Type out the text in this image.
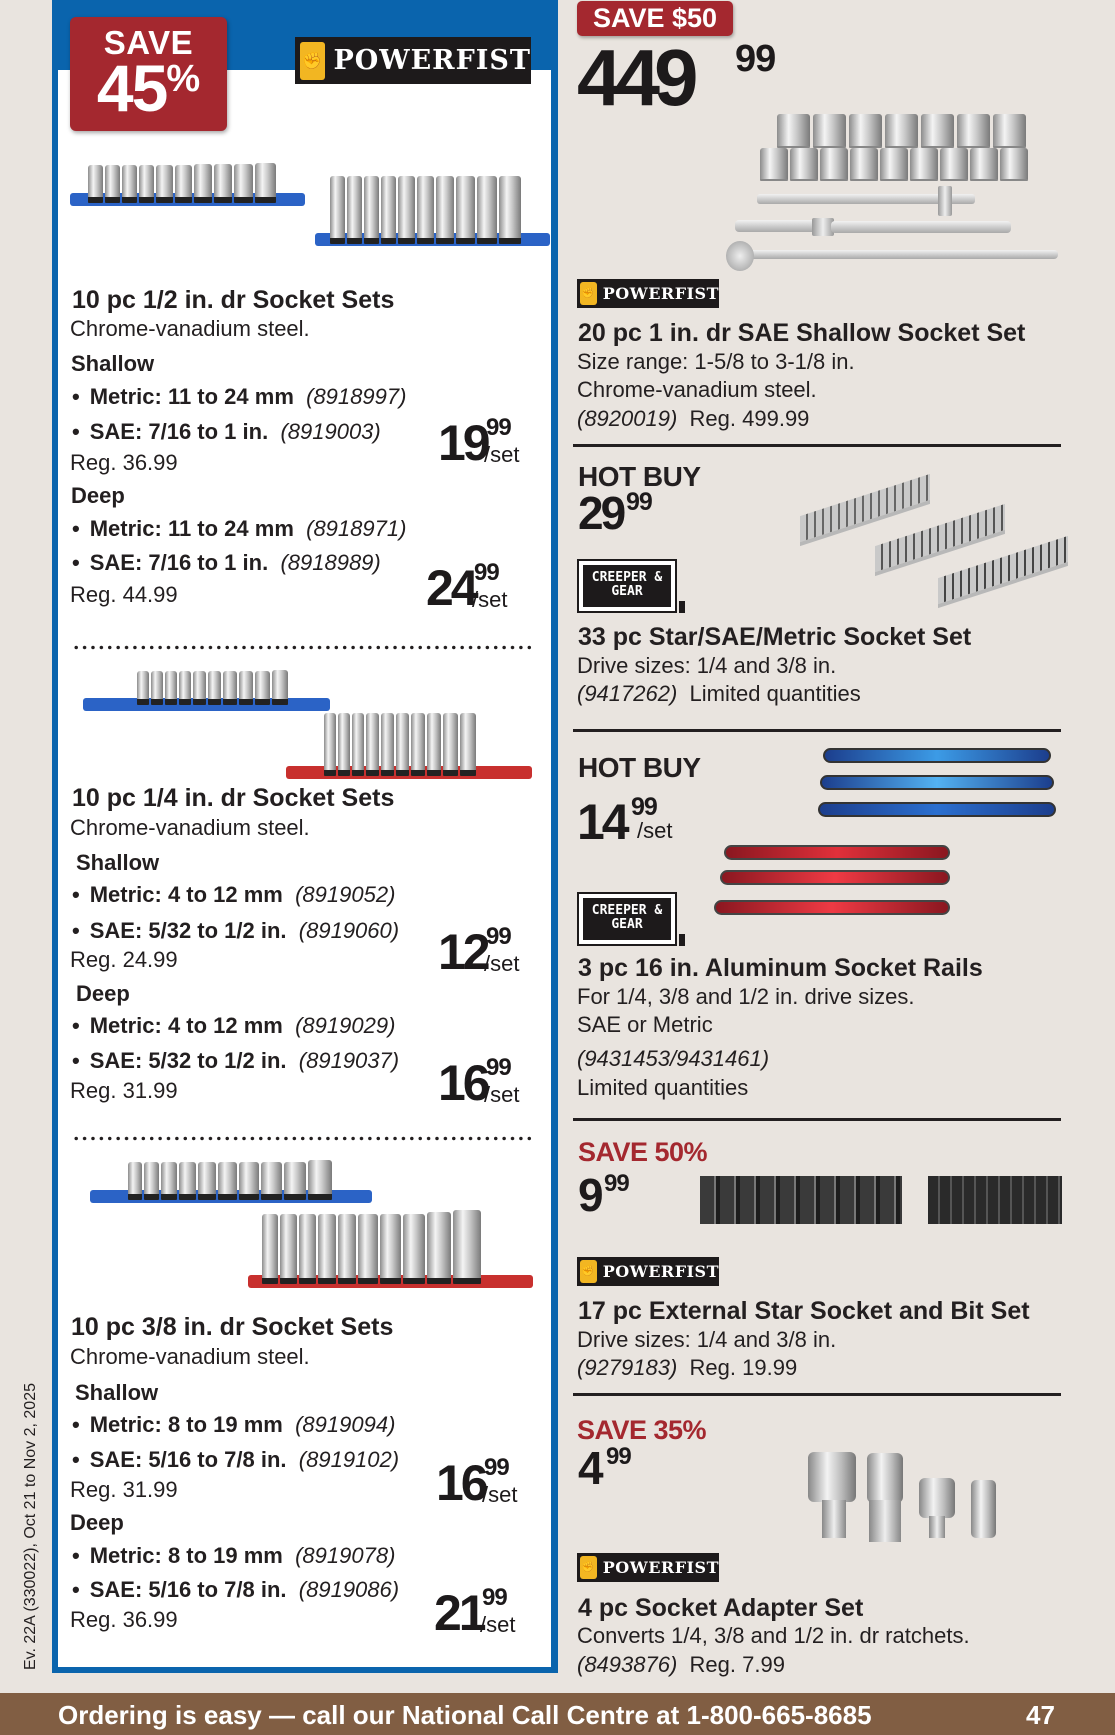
SAVE
45%	✊ POWERFIST
10 pc 1/2 in. dr Socket Sets
Chrome-vanadium steel.
Shallow
• Metric: 11 to 24 mm (8918997)
• SAE: 7/16 to 1 in. (8919003)
Reg. 36.99	19
99
/set
Deep
• Metric: 11 to 24 mm (8918971)
• SAE: 7/16 to 1 in. (8918989)
Reg. 44.99	24
99
/set
10 pc 1/4 in. dr Socket Sets
Chrome-vanadium steel.
Shallow
• Metric: 4 to 12 mm (8919052)
• SAE: 5/32 to 1/2 in. (8919060)
Reg. 24.99	12
99
/set
Deep
• Metric: 4 to 12 mm (8919029)
• SAE: 5/32 to 1/2 in. (8919037)
Reg. 31.99	16
99
/set
10 pc 3/8 in. dr Socket Sets
Chrome-vanadium steel.
Shallow
• Metric: 8 to 19 mm (8919094)
• SAE: 5/16 to 7/8 in. (8919102)
Reg. 31.99	16
99
/set
Deep
• Metric: 8 to 19 mm (8919078)
• SAE: 5/16 to 7/8 in. (8919086)
Reg. 36.99	21
99
/set
Ev. 22A (330022), Oct 21 to Nov 2, 2025
SAVE $50
449 99
✊ POWERFIST
20 pc 1 in. dr SAE Shallow Socket Set
Size range: 1-5/8 to 3-1/8 in.
Chrome-vanadium steel.
(8920019) Reg. 499.99
HOT BUY
29 99
CREEPER & GEAR
33 pc Star/SAE/Metric Socket Set
Drive sizes: 1/4 and 3/8 in.
(9417262) Limited quantities
HOT BUY
14 99
/set
CREEPER & GEAR
3 pc 16 in. Aluminum Socket Rails
For 1/4, 3/8 and 1/2 in. drive sizes.
SAE or Metric
(9431453/9431461)
Limited quantities
SAVE 50%
9 99
✊ POWERFIST
17 pc External Star Socket and Bit Set
Drive sizes: 1/4 and 3/8 in.
(9279183) Reg. 19.99
SAVE 35%
4 99
✊ POWERFIST
4 pc Socket Adapter Set
Converts 1/4, 3/8 and 1/2 in. dr ratchets.
(8493876) Reg. 7.99
Ordering is easy — call our National Call Centre at 1-800-665-8685	47
